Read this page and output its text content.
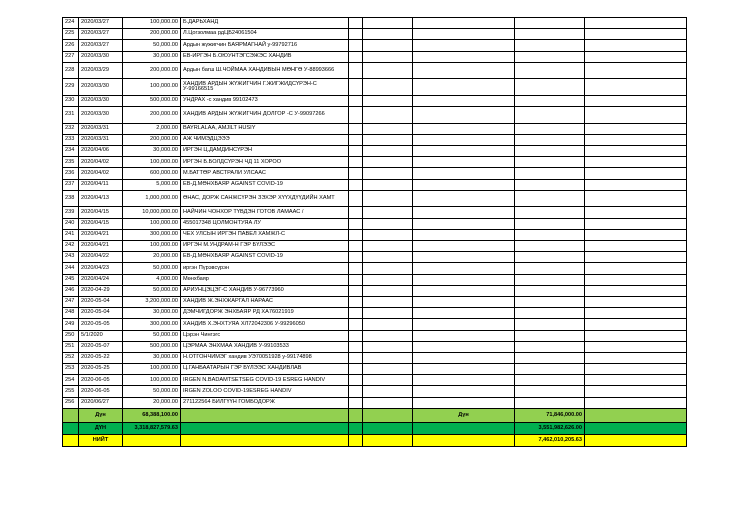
224	2020/03/27	100,000.00	Б.ДАРЬХАНД					
225	2020/03/27	200,000.00	Л.Цогзолмаа рдЦБ24061504					
226	2020/03/27	50,000.00	Ардын жүжигчин БАЯРМАГНАЙ у-99792716					
227	2020/03/30	30,000.00	ЕВ-ИРГЭН Б.ОЮУНТЭГСЭЖЭС ХАНДИВ					
228	2020/03/29	200,000.00	Ардын багш Ш.ЧОЙМАА ХАНДИВЫН МӨНГӨ У-88993666					
229	2020/03/30	100,000.00	ХАНДИВ АРДЫН ЖҮЖИГЧИН Г.ЖИГЖИДСҮРЭН-С У-99166515					
230	2020/03/30	500,000.00	УНДРАХ -с хандив 99102473					
231	2020/03/30	200,000.00	ХАНДИВ АРДЫН ЖҮЖИГЧИН ДОЛГОР -С У-99097266					
232	2020/03/31	2,000.00	BAYRLALAA, AMJILT HUSIY					
233	2020/03/31	200,000.00	АЖ ЧИМЭДЦЭЭЭ					
234	2020/04/06	30,000.00	ИРГЭН Ц.ДАМДИНСҮРЭН					
235	2020/04/02	100,000.00	ИРГЭН Б.БОЛДСҮРЭН ЧД 11 ХОРОО					
236	2020/04/02	600,000.00	М.БАТТӨР АВСТРАЛИ УЛСААС					
237	2020/04/11	5,000.00	ЕВ-Д.МӨНХБАЯР AGAINST COVID-19					
238	2020/04/13	1,000,000.00	ӨНАС, ДОРЖ САНЖСҮРЭН ЗЭХЭР ХҮҮХДҮҮДИЙН ХАМТ					
239	2020/04/15	10,000,000.00	НАЙЧИН ЧОНХОР ТҮВДЭН ГОТОВ ЛАМААС /					
240	2020/04/15	100,000.00	455017348 ЦОЛМОНТУЯА ЛУ					
241	2020/04/21	300,000.00	ЧЕХ УЛСЫН ИРГЭН ПАВЕЛ ХАМЖЛ-С					
242	2020/04/21	100,000.00	ИРГЭН М.УНДРАМ-Н ГЭР БҮЛЭЭС					
243	2020/04/22	20,000.00	ЕВ-Д.МӨНХБАЯР AGAINST COVID-19					
244	2020/04/23	50,000.00	иргэн Пүрэвсүрэн					
245	2020/04/24	4,000.00	Мөнхбаяр					
246	2020-04-29	50,000.00	АРИУНЦЭЦЭГ-С ХАНДИВ У-96773960					
247	2020-05-04	3,200,000.00	ХАНДИВ Ж.ЭНХЖАРГАЛ НАРААС					
248	2020-05-04	30,000.00	ДЭМЧИГДОРЖ ЭНХБАЯР РД ХА76021919					
249	2020-05-05	300,000.00	ХАНДИВ Х.ЭНХТУЯА ХЛ72042306 У-99296050					
250	5/1/2020	50,000.00	Цэрэн Чингэгс					
251	2020-05-07	500,000.00	ЦЭРМАА ЭНХМАА ХАНДИВ У-99103533					
252	2020-05-22	30,000.00	Н.ОТГОНЧИМЭГ хандив УЭ70051928 у-99174898					
253	2020-05-25	100,000.00	Ц.ГАНБААТАРЫН ГЭР БҮЛЭЭС ХАНДИВЛАВ					
254	2020-06-05	100,000.00	IRGEN N.BADAMTSETSEG COVID-19 ESREG HANDIV					
255	2020-06-05	50,000.00	IRGEN ZOLOO COVID-19ESREG HANDIV					
256	2020/06/27	20,000.00	271122564 БИЛГҮҮН ГОМБОДОРЖ					
	Дүн	68,388,100.00				Дүн	71,846,000.00	
	ДҮН	3,318,827,579.63					3,551,982,626.00	
	НИЙТ						7,462,010,205.63	
